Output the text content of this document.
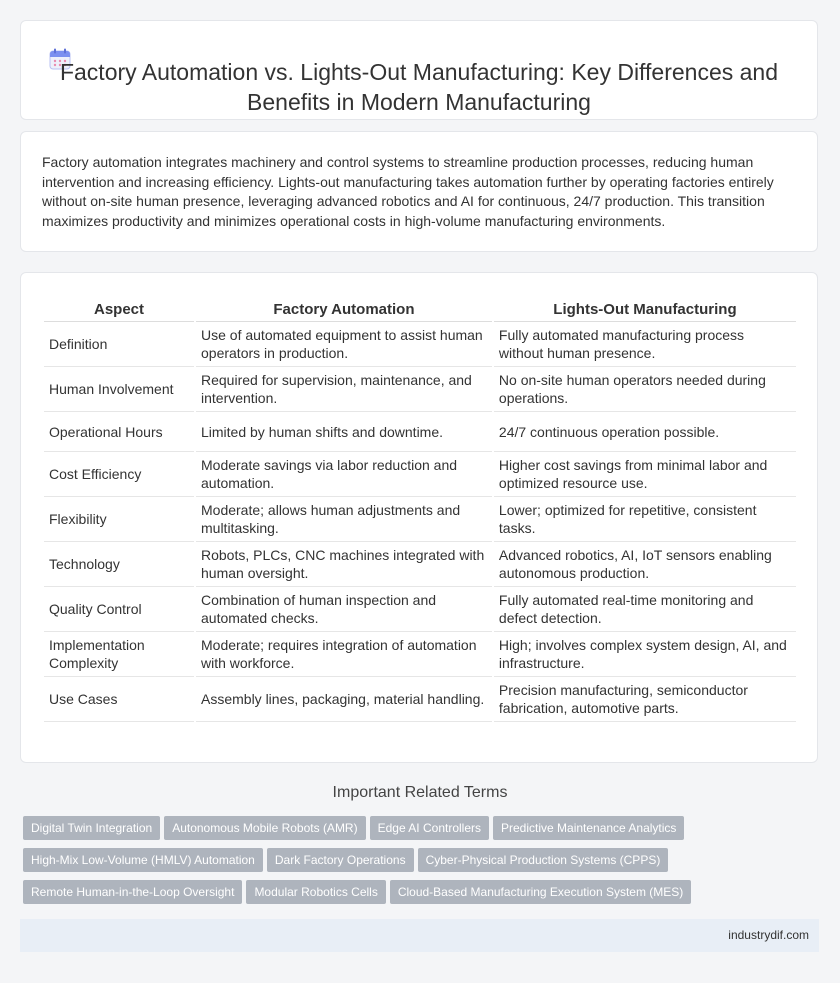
Factory Automation vs. Lights-Out Manufacturing: Key Differences and Benefits in Modern Manufacturing

Factory automation integrates machinery and control systems to streamline production processes, reducing human intervention and increasing efficiency. Lights-out manufacturing takes automation further by operating factories entirely without on-site human presence, leveraging advanced robotics and AI for continuous, 24/7 production. This transition maximizes productivity and minimizes operational costs in high-volume manufacturing environments.

Aspect	Factory Automation	Lights-Out Manufacturing
Definition	Use of automated equipment to assist human operators in production.	Fully automated manufacturing process without human presence.
Human Involvement	Required for supervision, maintenance, and intervention.	No on-site human operators needed during operations.
Operational Hours	Limited by human shifts and downtime.	24/7 continuous operation possible.
Cost Efficiency	Moderate savings via labor reduction and automation.	Higher cost savings from minimal labor and optimized resource use.
Flexibility	Moderate; allows human adjustments and multitasking.	Lower; optimized for repetitive, consistent tasks.
Technology	Robots, PLCs, CNC machines integrated with human oversight.	Advanced robotics, AI, IoT sensors enabling autonomous production.
Quality Control	Combination of human inspection and automated checks.	Fully automated real-time monitoring and defect detection.
Implementation Complexity	Moderate; requires integration of automation with workforce.	High; involves complex system design, AI, and infrastructure.
Use Cases	Assembly lines, packaging, material handling.	Precision manufacturing, semiconductor fabrication, automotive parts.
Important Related Terms
Digital Twin Integration Autonomous Mobile Robots (AMR) Edge AI Controllers Predictive Maintenance Analytics
High-Mix Low-Volume (HMLV) Automation Dark Factory Operations Cyber-Physical Production Systems (CPPS)
Remote Human-in-the-Loop Oversight Modular Robotics Cells Cloud-Based Manufacturing Execution System (MES)
industrydif.com
